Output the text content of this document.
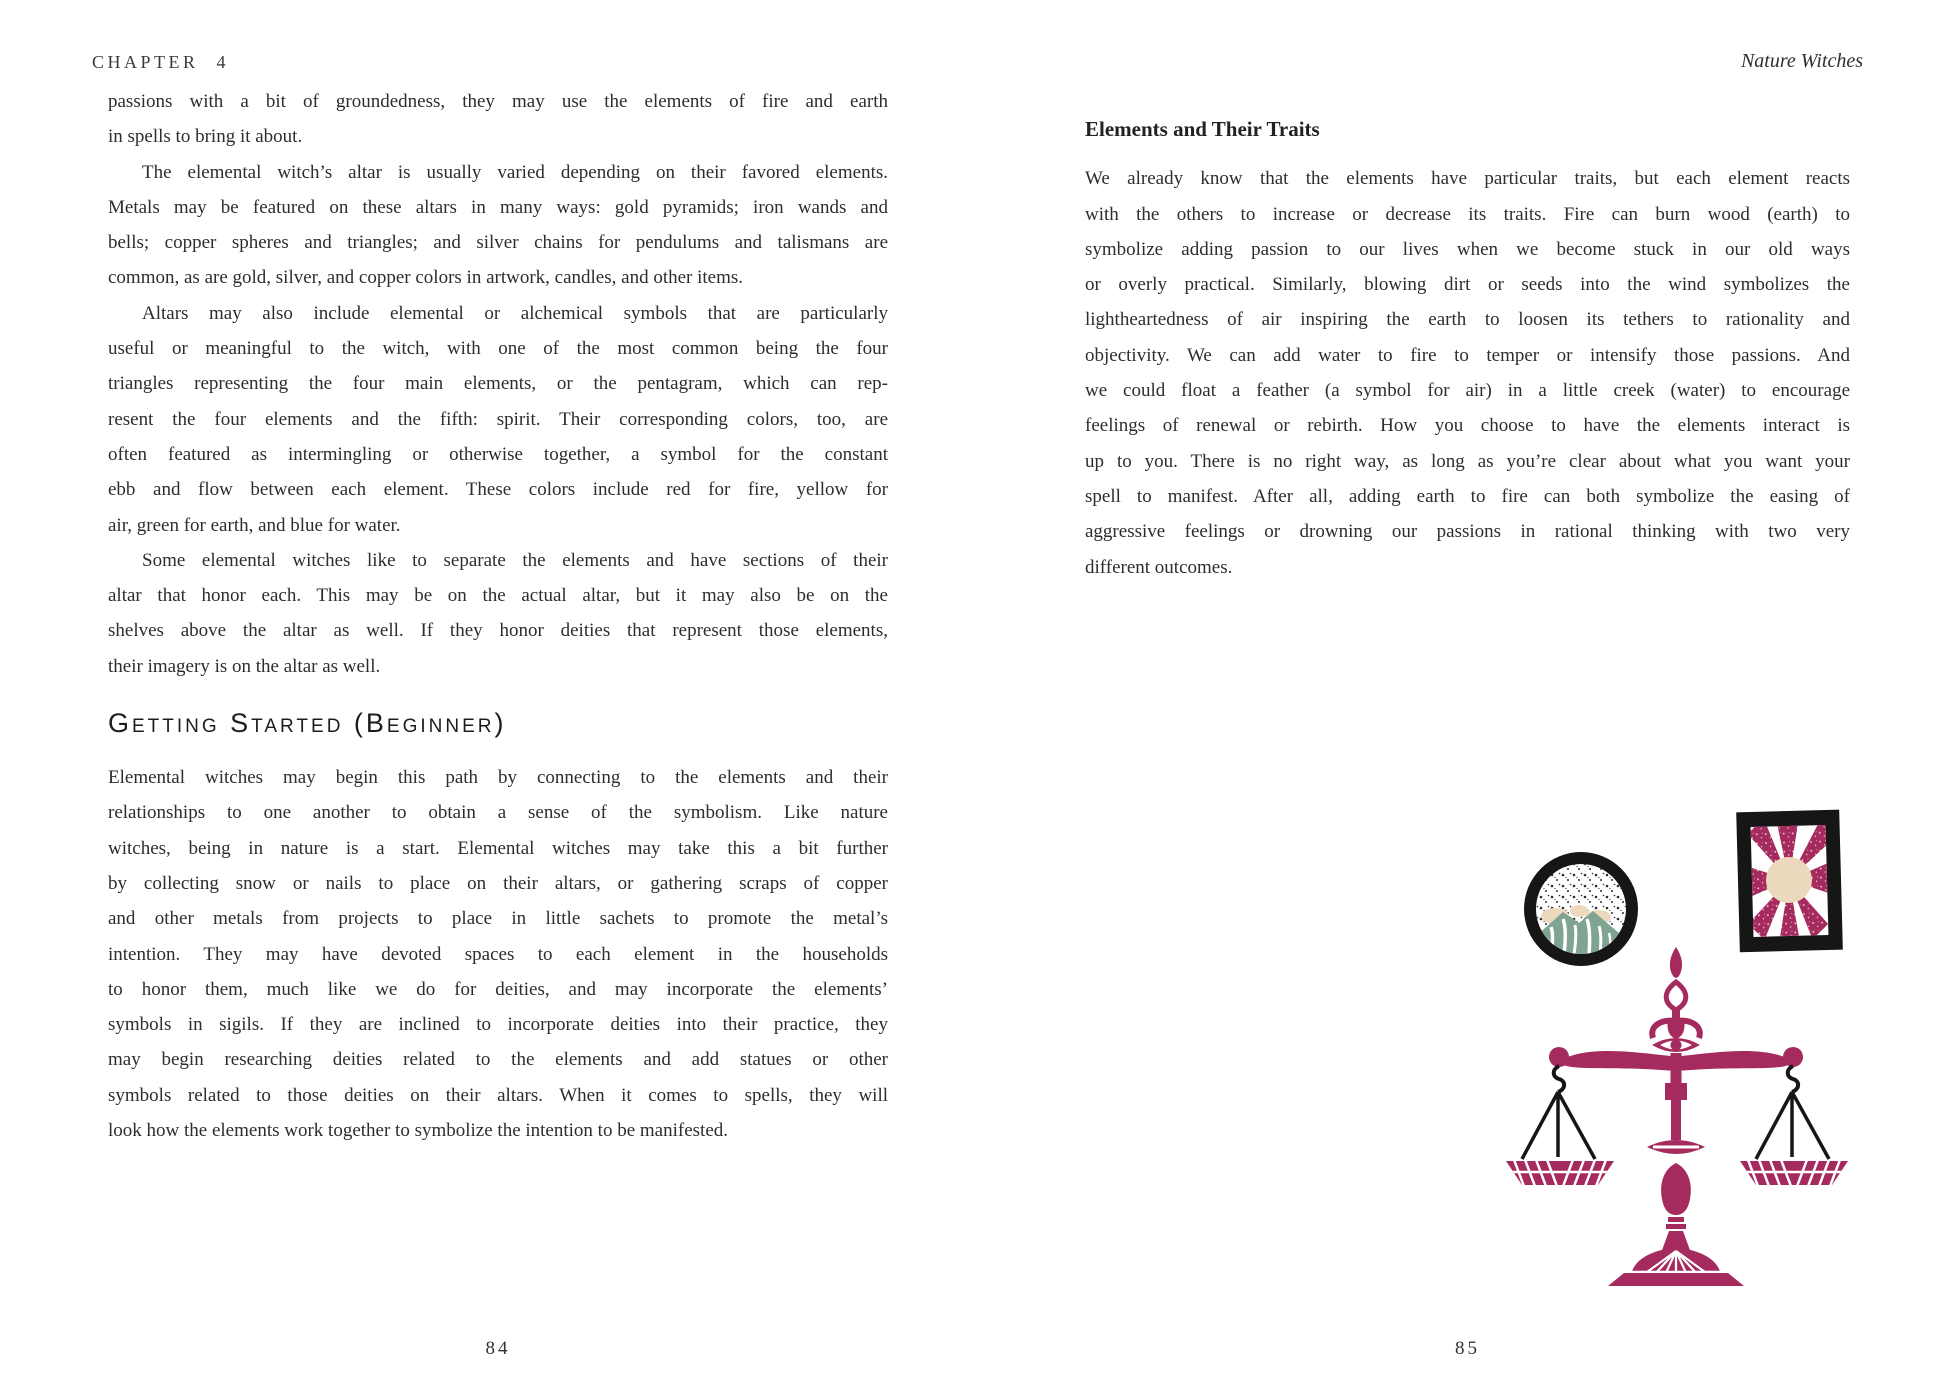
CHAPTER 4
passions with a bit of groundedness, they may use the elements of fire and earth
in spells to bring it about.
The elemental witch’s altar is usually varied depending on their favored elements.
Metals may be featured on these altars in many ways: gold pyramids; iron wands and
bells; copper spheres and triangles; and silver chains for pendulums and talismans are
common, as are gold, silver, and copper colors in artwork, candles, and other items.
Altars may also include elemental or alchemical symbols that are particularly
useful or meaningful to the witch, with one of the most common being the four
triangles representing the four main elements, or the pentagram, which can rep-
resent the four elements and the fifth: spirit. Their corresponding colors, too, are
often featured as intermingling or otherwise together, a symbol for the constant
ebb and flow between each element. These colors include red for fire, yellow for
air, green for earth, and blue for water.
Some elemental witches like to separate the elements and have sections of their
altar that honor each. This may be on the actual altar, but it may also be on the
shelves above the altar as well. If they honor deities that represent those elements,
their imagery is on the altar as well.
Getting Started (Beginner)
Elemental witches may begin this path by connecting to the elements and their
relationships to one another to obtain a sense of the symbolism. Like nature
witches, being in nature is a start. Elemental witches may take this a bit further
by collecting snow or nails to place on their altars, or gathering scraps of copper
and other metals from projects to place in little sachets to promote the metal’s
intention. They may have devoted spaces to each element in the households
to honor them, much like we do for deities, and may incorporate the elements’
symbols in sigils. If they are inclined to incorporate deities into their practice, they
may begin researching deities related to the elements and add statues or other
symbols related to those deities on their altars. When it comes to spells, they will
look how the elements work together to symbolize the intention to be manifested.
84
Nature Witches
Elements and Their Traits
We already know that the elements have particular traits, but each element reacts
with the others to increase or decrease its traits. Fire can burn wood (earth) to
symbolize adding passion to our lives when we become stuck in our old ways
or overly practical. Similarly, blowing dirt or seeds into the wind symbolizes the
lightheartedness of air inspiring the earth to loosen its tethers to rationality and
objectivity. We can add water to fire to temper or intensify those passions. And
we could float a feather (a symbol for air) in a little creek (water) to encourage
feelings of renewal or rebirth. How you choose to have the elements interact is
up to you. There is no right way, as long as you’re clear about what you want your
spell to manifest. After all, adding earth to fire can both symbolize the easing of
aggressive feelings or drowning our passions in rational thinking with two very
different outcomes.
85
